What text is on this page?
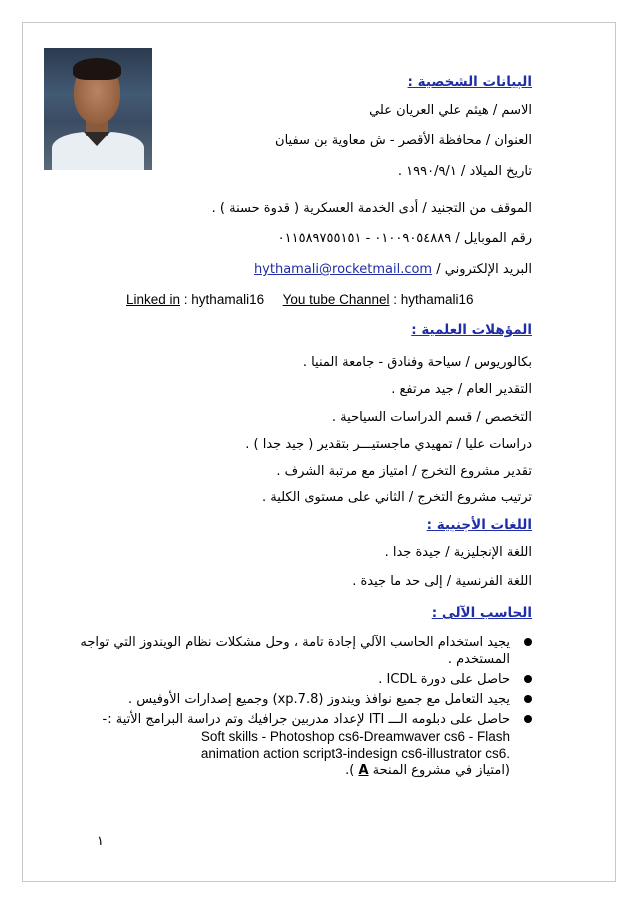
البيانات الشخصية :
الاسم / هيثم علي العريان علي
العنوان / محافظة الأقصر - ش معاوية بن سفيان
تاريخ الميلاد / ١٩٩٠/٩/١ .
الموقف من التجنيد / أدى الخدمة العسكرية ( قدوة حسنة ) .
رقم الموبايل / ٠١٠٠٩٠٥٤٨٨٩ - ٠١١٥٨٩٧٥٥١٥١
البريد الإلكتروني / hythamali@rocketmail.com
Linked in : hythamali16 You tube Channel : hythamali16
المؤهلات العلمية :
بكالوريوس / سياحة وفنادق - جامعة المنيا .
التقدير العام / جيد مرتفع .
التخصص / قسم الدراسات السياحية .
دراسات عليا / تمهيدي ماجستيـــر بتقدير ( جيد جدا ) .
تقدير مشروع التخرج / امتياز مع مرتبة الشرف .
ترتيب مشروع التخرج / الثاني على مستوى الكلية .
اللغات الأجنبية :
اللغة الإنجليزية / جيدة جدا .
اللغة الفرنسية / إلى حد ما جيدة .
الحاسب الآلى :
يجيد استخدام الحاسب الآلي إجادة تامة ، وحل مشكلات نظام الويندوز التي تواجه
المستخدم .
حاصل على دورة ICDL .
يجيد التعامل مع جميع نوافذ ويندوز (xp.7.8) وجميع إصدارات الأوفيس .
حاصل على دبلومه الـــ ITI لإعداد مدربين جرافيك وتم دراسة البرامج الأتية :-
Soft skills - Photoshop cs6-Dreamwaver cs6 - Flash
animation action script3-indesign cs6-illustrator cs6.
(امتياز في مشروع المنحة A ).
١
